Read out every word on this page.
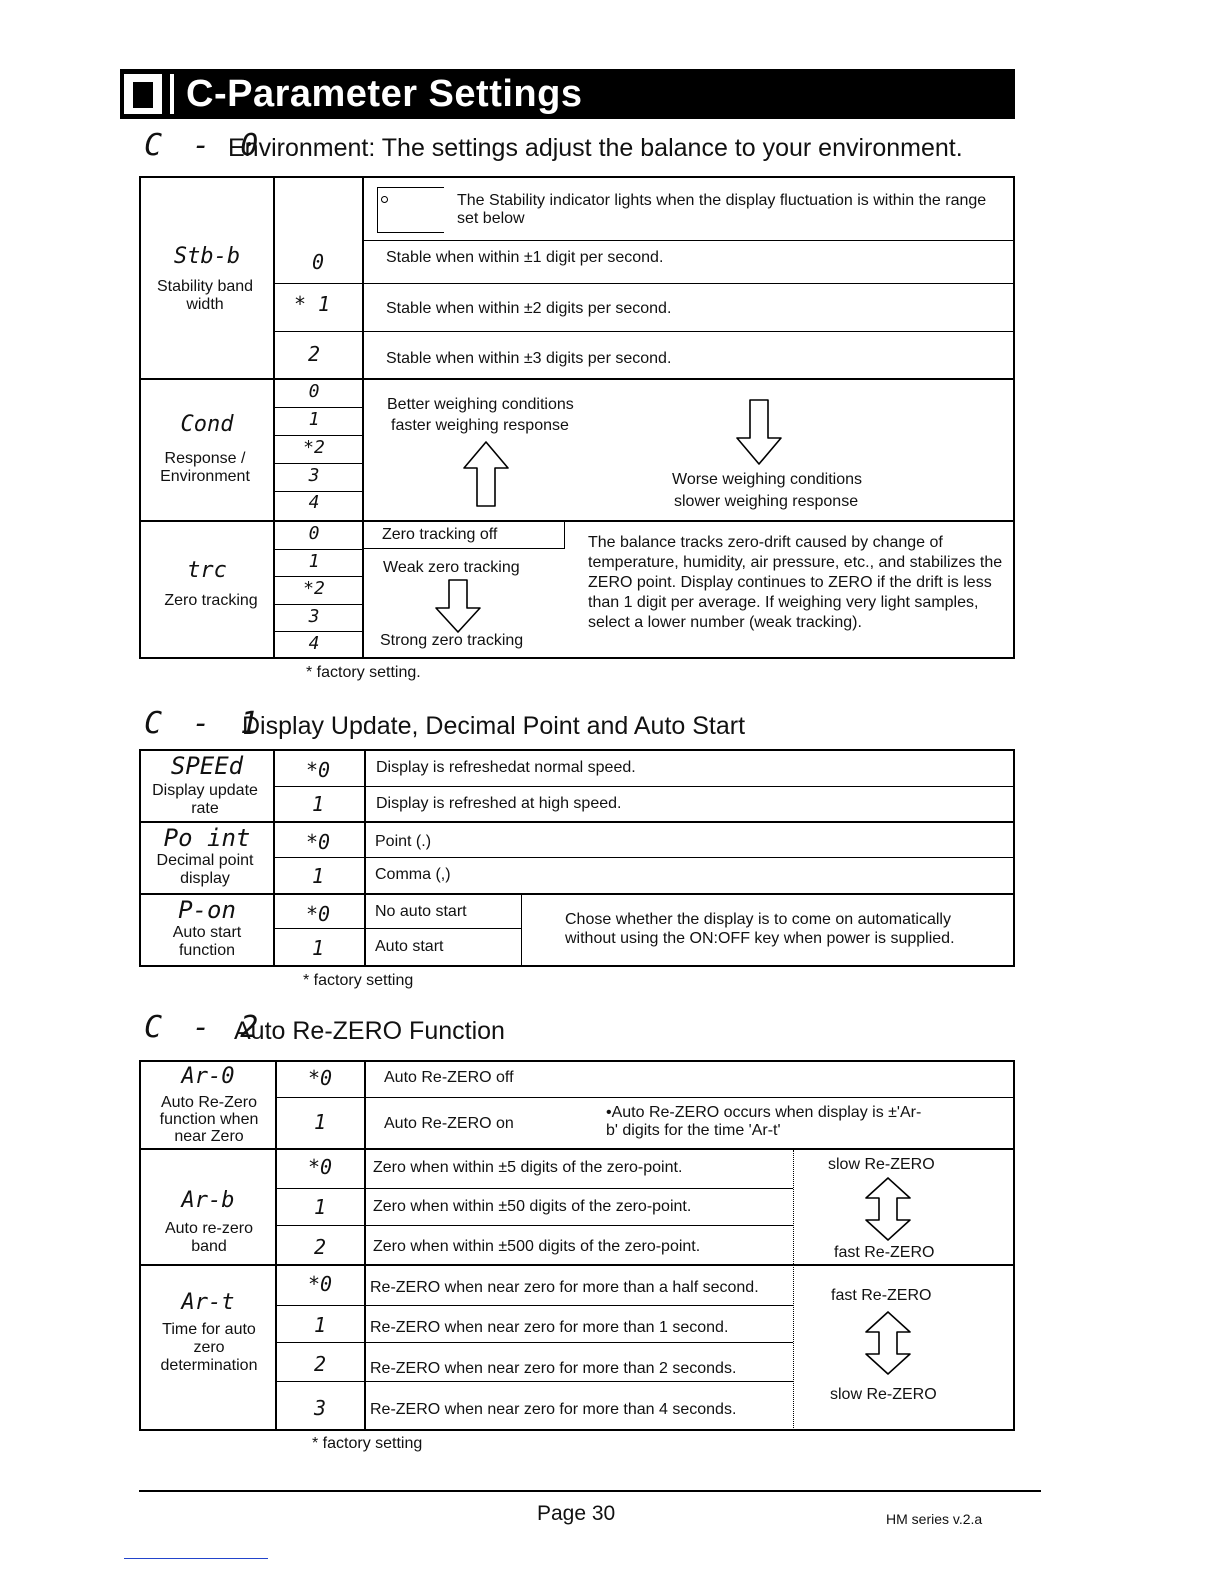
C-Parameter Settings
C - 0
Environment: The settings adjust the balance to your environment.
The Stability indicator lights when the display fluctuation is within the range set below
Stb-b
Stability band width
0
* 1
2
Stable when within ±1 digit per second.
Stable when within ±2 digits per second.
Stable when within ±3 digits per second.
Cond
Response / Environment
0
1
*2
3
4
Better weighing conditions
faster weighing response
Worse weighing conditions
slower weighing response
trc
Zero tracking
0
1
*2
3
4
Zero tracking off
Weak zero tracking
Strong zero tracking
The balance tracks zero-drift caused by change of temperature, humidity, air pressure, etc., and stabilizes the ZERO point. Display continues to ZERO if the drift is less than 1 digit per average. If weighing very light samples, select a lower number (weak tracking).
* factory setting.
C - 1
Display Update, Decimal Point and Auto Start
SPEEd
Display update rate
*0
1
Display is refreshedat normal speed.
Display is refreshed at high speed.
Po int
Decimal point display
*0
1
Point (.)
Comma (,)
P-on
Auto start function
*0
1
No auto start
Auto start
Chose whether the display is to come on automatically without using the ON:OFF key when power is supplied.
* factory setting
C - 2
Auto Re-ZERO Function
Ar-0
Auto Re-Zero function when near Zero
*0
1
Auto Re-ZERO off
Auto Re-ZERO on
•Auto Re-ZERO occurs when display is ±'Ar-b' digits for the time 'Ar-t'
Ar-b
Auto re-zero band
*0
1
2
Zero when within ±5 digits of the zero-point.
Zero when within ±50 digits of the zero-point.
Zero when within ±500 digits of the zero-point.
slow Re-ZERO
fast Re-ZERO
Ar-t
Time for auto zero determination
*0
1
2
3
Re-ZERO when near zero for more than a half second.
Re-ZERO when near zero for more than 1 second.
Re-ZERO when near zero for more than 2 seconds.
Re-ZERO when near zero for more than 4 seconds.
fast Re-ZERO
slow Re-ZERO
* factory setting
Page 30	HM series v.2.a
